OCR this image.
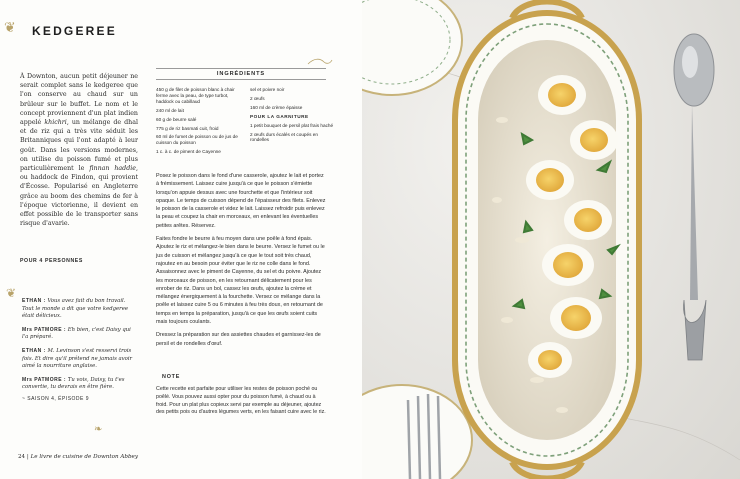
❦ KEDGEREE
À Downton, aucun petit déjeuner ne serait complet sans le kedgeree que l'on conserve au chaud sur un brûleur sur le buffet. Le nom et le concept proviennent d'un plat indien appelé khichri, un mélange de dhal et de riz qui a très vite séduit les Britanniques qui l'ont adapté à leur goût. Dans les versions modernes, on utilise du poisson fumé et plus particulièrement le finnan haddie, ou haddock de Findon, qui provient d'Écosse. Popularisé en Angleterre grâce au boom des chemins de fer à l'époque victorienne, il devient en effet possible de le transporter sans risque d'avarie.
POUR 4 PERSONNES
❦

ETHAN : Vous avez fait du bon travail. Tout le monde a dit que votre kedgeree était délicieux.

Mrs PATMORE : Eh bien, c'est Daisy qui l'a préparé.

ETHAN : M. Levinson s'est resservi trois fois. Et dire qu'il prétend ne jamais avoir aimé la nourriture anglaise.

Mrs PATMORE : Tu vois, Daisy, tu t'es convertie, tu devrais en être fière.

~ SAISON 4, ÉPISODE 9
❧
24 | Le livre de cuisine de Downton Abbey
INGRÉDIENTS
450 g de filet de poisson blanc à chair ferme avec la peau, de type turbot, haddock ou cabillaud
240 ml de lait
60 g de beurre salé
775 g de riz basmati cuit, froid
60 ml de fumet de poisson ou de jus de cuisson du poisson
1 c. à c. de piment de Cayenne
sel et poivre noir
2 œufs
160 ml de crème épaisse
POUR LA GARNITURE
1 petit bouquet de persil plat frais haché
2 œufs durs écalés et coupés en rondelles

Posez le poisson dans le fond d'une casserole, ajoutez le lait et portez à frémissement. Laissez cuire jusqu'à ce que le poisson s'émiette lorsqu'on appuie dessus avec une fourchette et que l'intérieur soit opaque. Le temps de cuisson dépend de l'épaisseur des filets. Enlevez le poisson de la casserole et videz le lait. Laissez refroidir puis enlevez la peau et coupez la chair en morceaux, en enlevant les éventuelles petites arêtes. Réservez.

Faites fondre le beurre à feu moyen dans une poêle à fond épais. Ajoutez le riz et mélangez-le bien dans le beurre. Versez le fumet ou le jus de cuisson et mélangez jusqu'à ce que le tout soit très chaud, rajoutez en au besoin pour éviter que le riz ne colle dans le fond. Assaisonnez avec le piment de Cayenne, du sel et du poivre. Ajoutez les morceaux de poisson, en les retournant délicatement pour les enrober de riz. Dans un bol, cassez les œufs, ajoutez la crème et mélangez énergiquement à la fourchette. Versez ce mélange dans la poêle et laissez cuire 5 ou 6 minutes à feu très doux, en retournant de temps en temps la préparation, jusqu'à ce que les œufs soient cuits mais toujours coulants.

Dressez la préparation sur des assiettes chaudes et garnissez-les de persil et de rondelles d'œuf.

NOTE
Cette recette est parfaite pour utiliser les restes de poisson poché ou poêlé. Vous pouvez aussi opter pour du poisson fumé, à chaud ou à froid. Pour un plat plus copieux servi par exemple au déjeuner, ajoutez des petits pois ou d'autres légumes verts, en les faisant cuire avec le riz.
